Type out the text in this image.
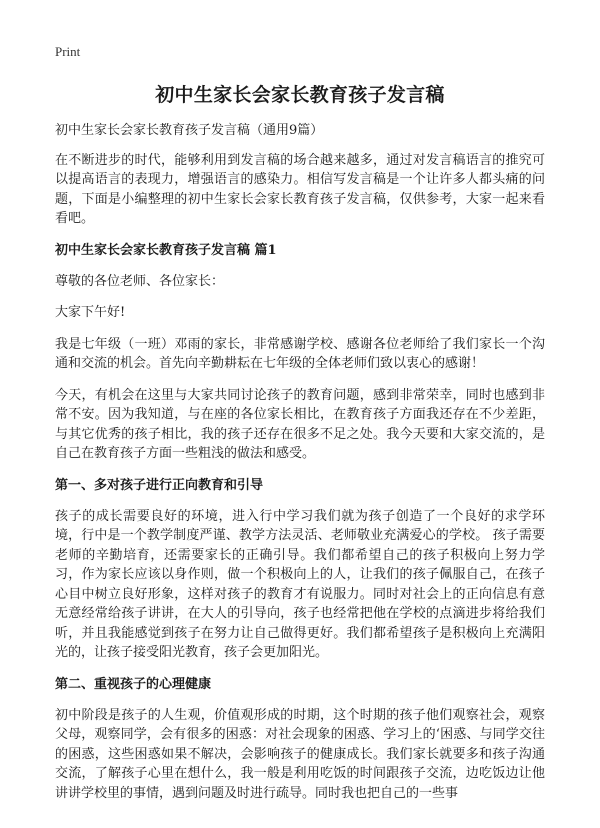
Print
初中生家长会家长教育孩子发言稿

初中生家长会家长教育孩子发言稿（通用9篇）

在不断进步的时代，能够利用到发言稿的场合越来越多，通过对发言稿语言的推究可以提高语言的表现力，增强语言的感染力。相信写发言稿是一个让许多人都头痛的问题，下面是小编整理的初中生家长会家长教育孩子发言稿，仅供参考，大家一起来看看吧。

初中生家长会家长教育孩子发言稿 篇1

尊敬的各位老师、各位家长：

大家下午好!

我是七年级（一班）邓雨的家长，非常感谢学校、感谢各位老师给了我们家长一个沟通和交流的机会。首先向辛勤耕耘在七年级的全体老师们致以衷心的感谢！

今天，有机会在这里与大家共同讨论孩子的教育问题，感到非常荣幸，同时也感到非常不安。因为我知道，与在座的各位家长相比，在教育孩子方面我还存在不少差距，与其它优秀的孩子相比，我的孩子还存在很多不足之处。我今天要和大家交流的，是自己在教育孩子方面一些粗浅的做法和感受。

第一、多对孩子进行正向教育和引导

孩子的成长需要良好的环境，进入行中学习我们就为孩子创造了一个良好的求学环境，行中是一个教学制度严谨、教学方法灵活、老师敬业充满爱心的学校。 孩子需要老师的辛勤培育，还需要家长的正确引导。我们都希望自己的孩子积极向上努力学习，作为家长应该以身作则，做一个积极向上的人，让我们的孩子佩服自己，在孩子心目中树立良好形象，这样对孩子的教育才有说服力。同时对社会上的正向信息有意无意经常给孩子讲讲，在大人的引导向，孩子也经常把他在学校的点滴进步将给我们听，并且我能感觉到孩子在努力让自己做得更好。我们都希望孩子是积极向上充满阳光的，让孩子接受阳光教育，孩子会更加阳光。

第二、重视孩子的心理健康

初中阶段是孩子的人生观，价值观形成的时期，这个时期的孩子他们观察社会，观察父母，观察同学，会有很多的困惑：对社会现象的困惑、学习上的‘困惑、与同学交往的困惑，这些困惑如果不解决，会影响孩子的健康成长。我们家长就要多和孩子沟通交流，了解孩子心里在想什么，我一般是利用吃饭的时间跟孩子交流，边吃饭边让他讲讲学校里的事情，遇到问题及时进行疏导。同时我也把自己的一些事
